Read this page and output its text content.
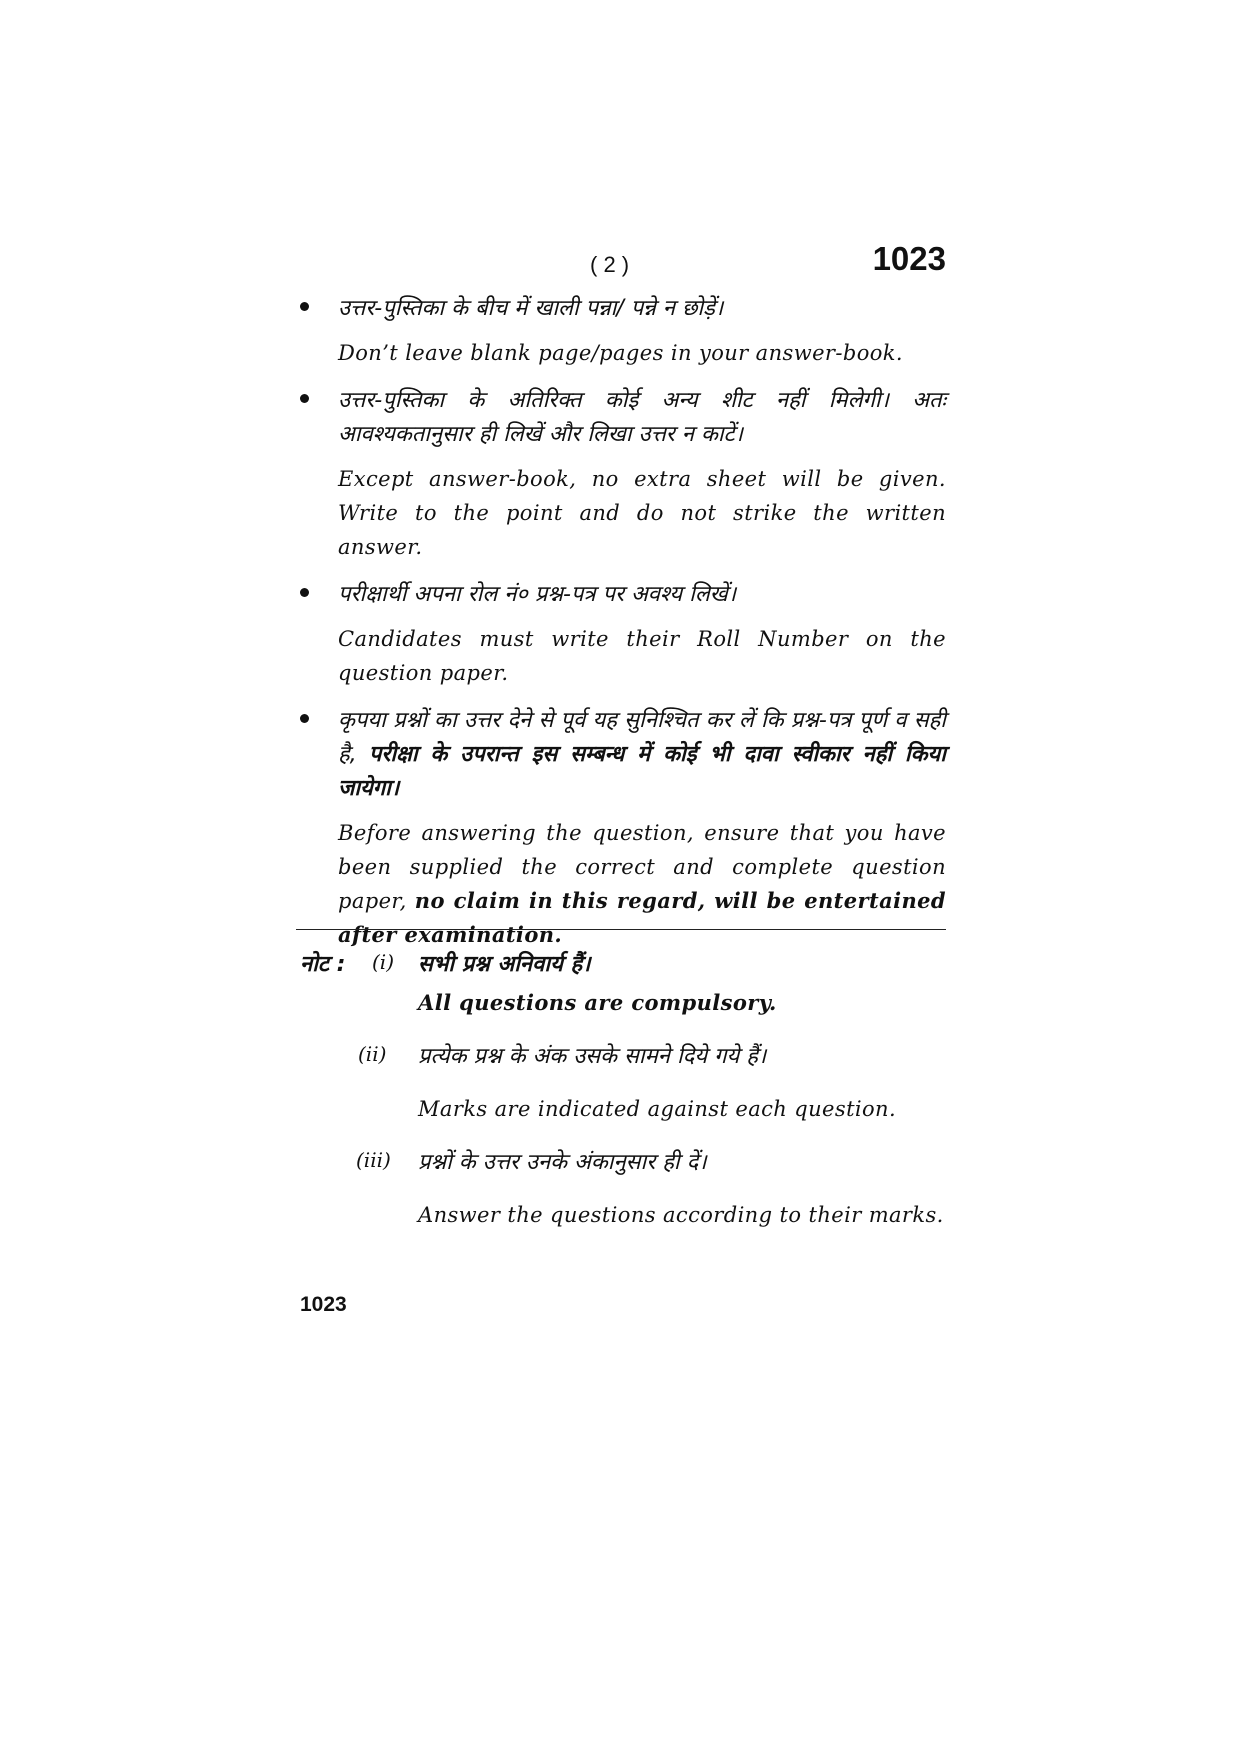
( 2 )	1023

उत्तर-पुस्तिका के बीच में खाली पन्ना/ पन्ने न छोड़ें।

Don’t leave blank page/pages in your answer-book.

उत्तर-पुस्तिका के अतिरिक्त कोई अन्य शीट नहीं मिलेगी। अतः आवश्यकतानुसार ही लिखें और लिखा उत्तर न काटें।

Except answer-book, no extra sheet will be given. Write to the point and do not strike the written answer.

परीक्षार्थी अपना रोल नं० प्रश्न-पत्र पर अवश्य लिखें।

Candidates must write their Roll Number on the question paper.

कृपया प्रश्नों का उत्तर देने से पूर्व यह सुनिश्चित कर लें कि प्रश्न-पत्र पूर्ण व सही है, परीक्षा के उपरान्त इस सम्बन्ध में कोई भी दावा स्वीकार नहीं किया जायेगा।

Before answering the question, ensure that you have been supplied the correct and complete question paper, no claim in this regard, will be entertained after examination.

नोट : (i) सभी प्रश्न अनिवार्य हैं।

All questions are compulsory.

(ii) प्रत्येक प्रश्न के अंक उसके सामने दिये गये हैं।

Marks are indicated against each question.

(iii) प्रश्नों के उत्तर उनके अंकानुसार ही दें।

Answer the questions according to their marks.

1023
